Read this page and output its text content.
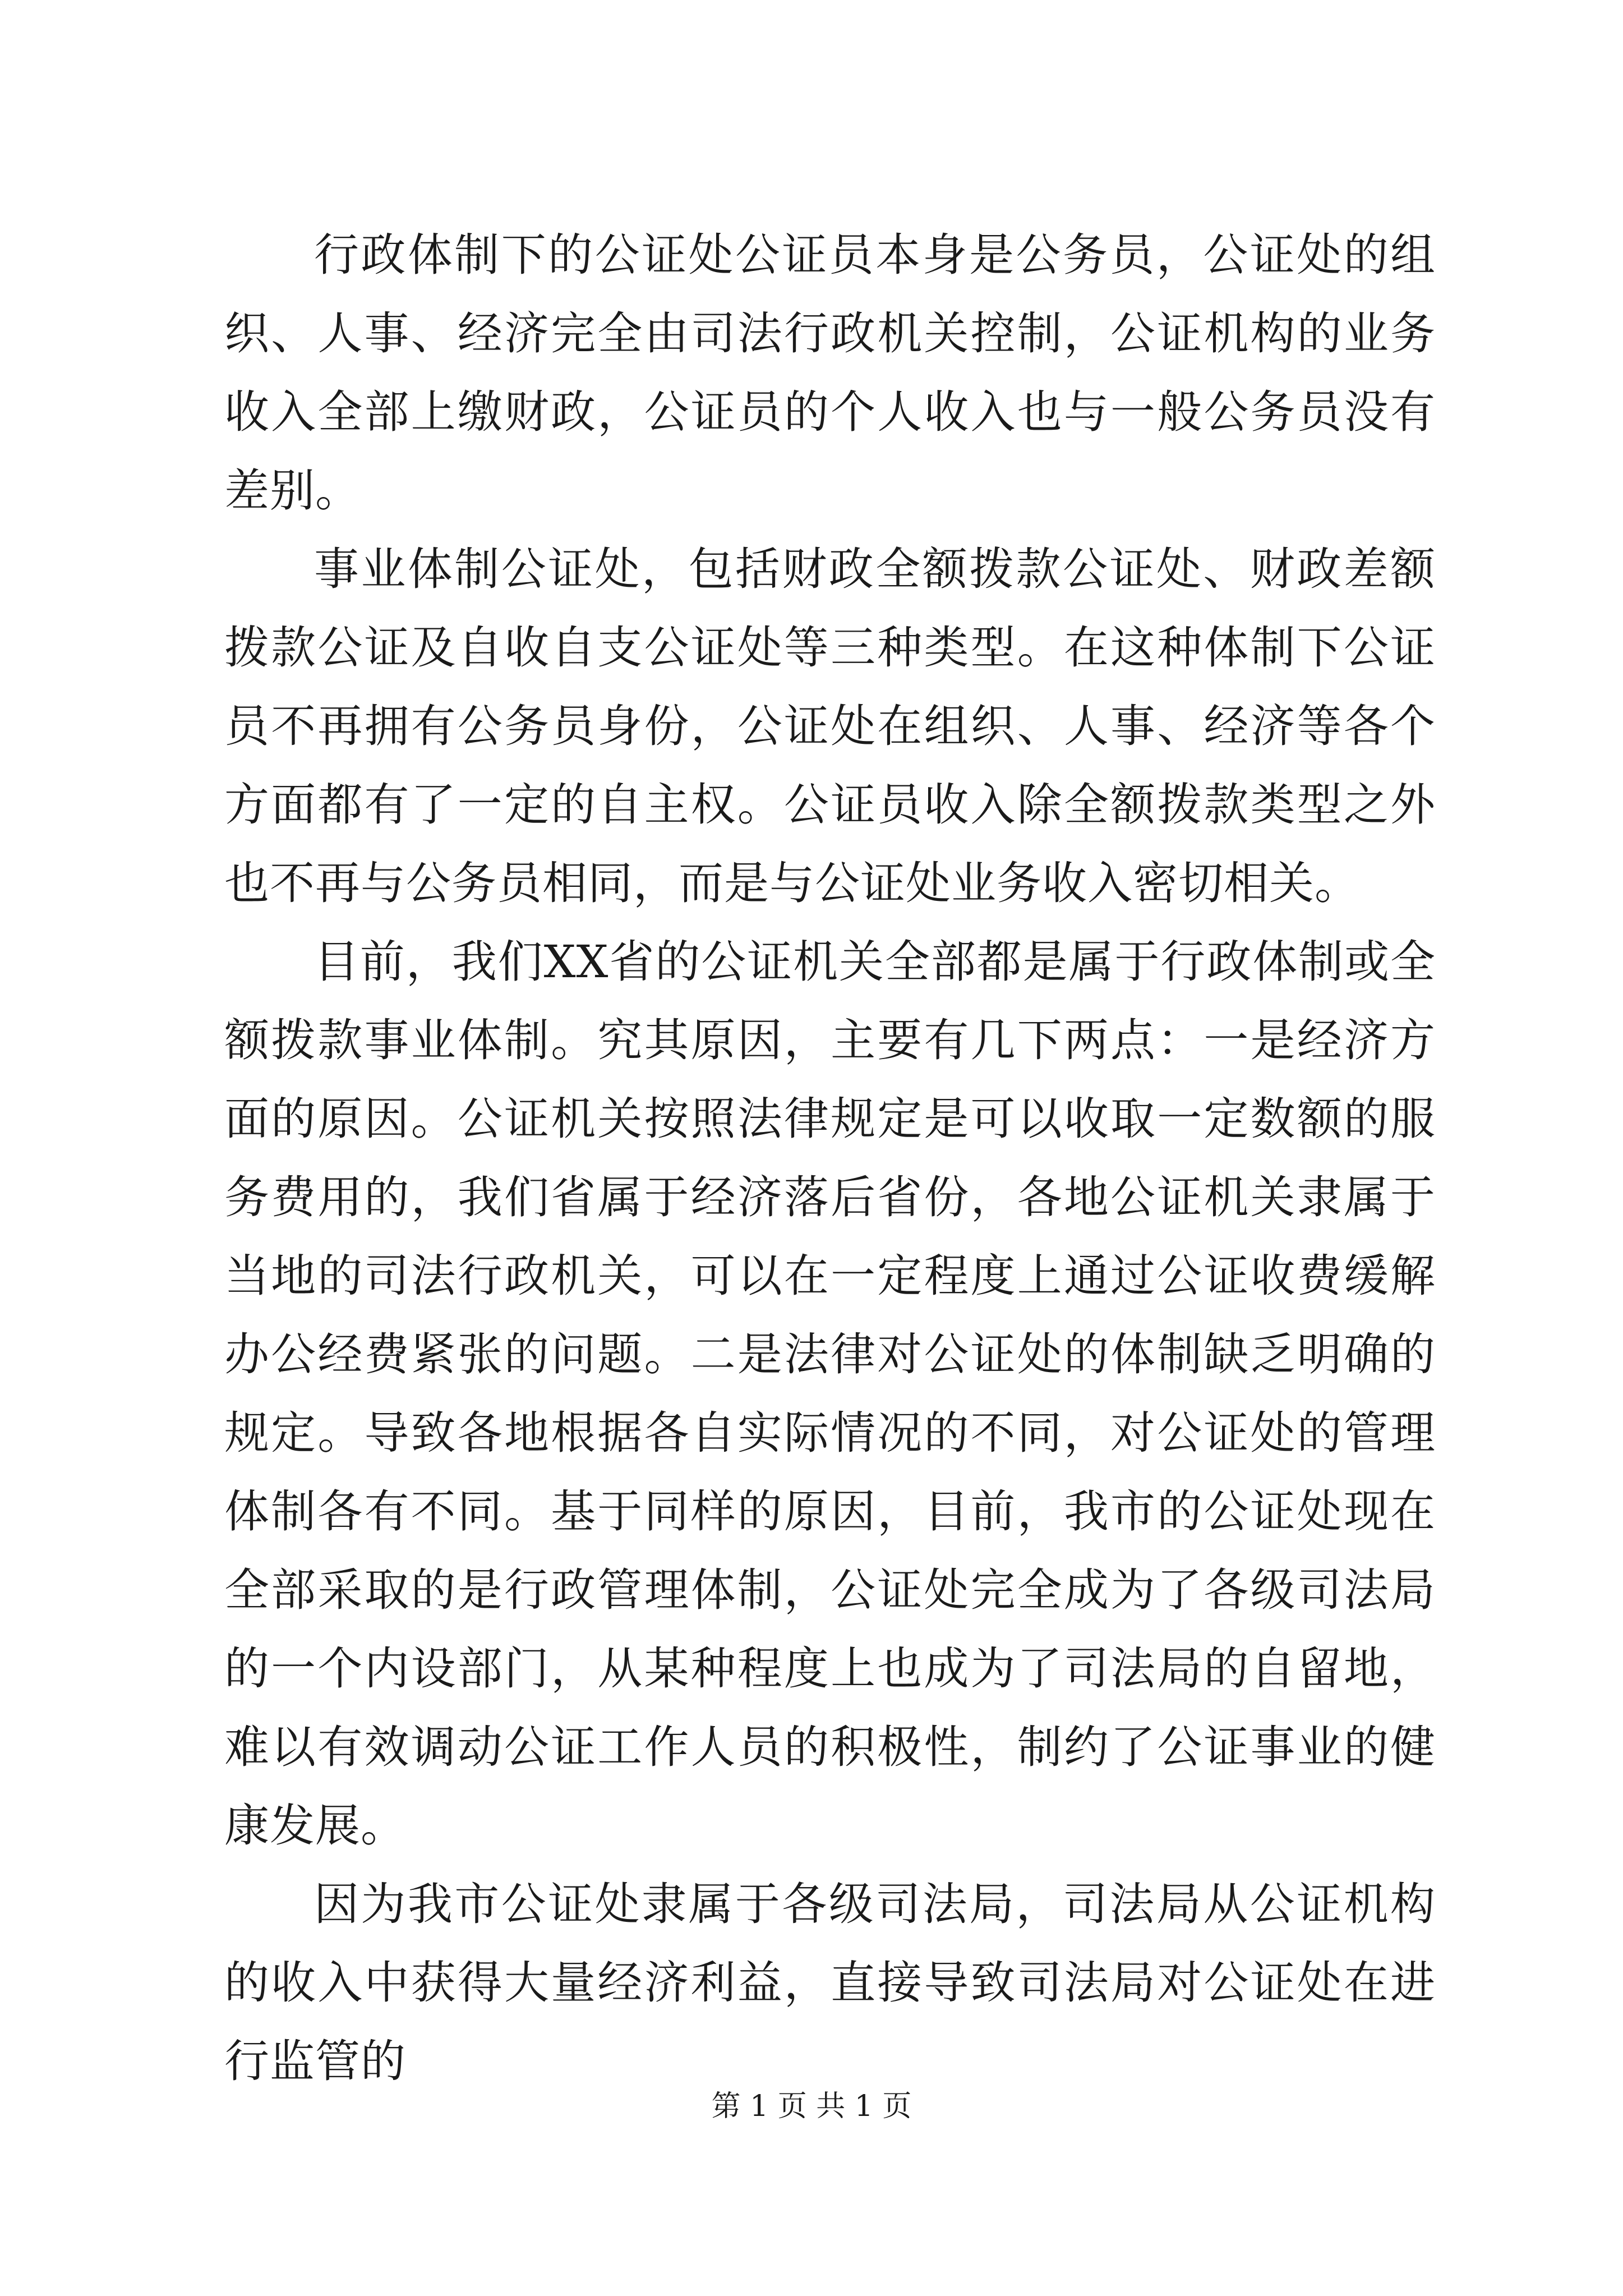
行政体制下的公证处公证员本身是公务员，公证处的组织、人事、经济完全由司法行政机关控制，公证机构的业务收入全部上缴财政，公证员的个人收入也与一般公务员没有差别。

事业体制公证处，包括财政全额拨款公证处、财政差额拨款公证及自收自支公证处等三种类型。在这种体制下公证员不再拥有公务员身份，公证处在组织、人事、经济等各个方面都有了一定的自主权。公证员收入除全额拨款类型之外也不再与公务员相同，而是与公证处业务收入密切相关。

目前，我们XX省的公证机关全部都是属于行政体制或全额拨款事业体制。究其原因，主要有几下两点：一是经济方面的原因。公证机关按照法律规定是可以收取一定数额的服务费用的，我们省属于经济落后省份，各地公证机关隶属于当地的司法行政机关，可以在一定程度上通过公证收费缓解办公经费紧张的问题。二是法律对公证处的体制缺乏明确的规定。导致各地根据各自实际情况的不同，对公证处的管理体制各有不同。基于同样的原因，目前，我市的公证处现在全部采取的是行政管理体制，公证处完全成为了各级司法局的一个内设部门，从某种程度上也成为了司法局的自留地，难以有效调动公证工作人员的积极性，制约了公证事业的健康发展。

因为我市公证处隶属于各级司法局，司法局从公证机构的收入中获得大量经济利益，直接导致司法局对公证处在进行监管的

第 1 页 共 1 页
